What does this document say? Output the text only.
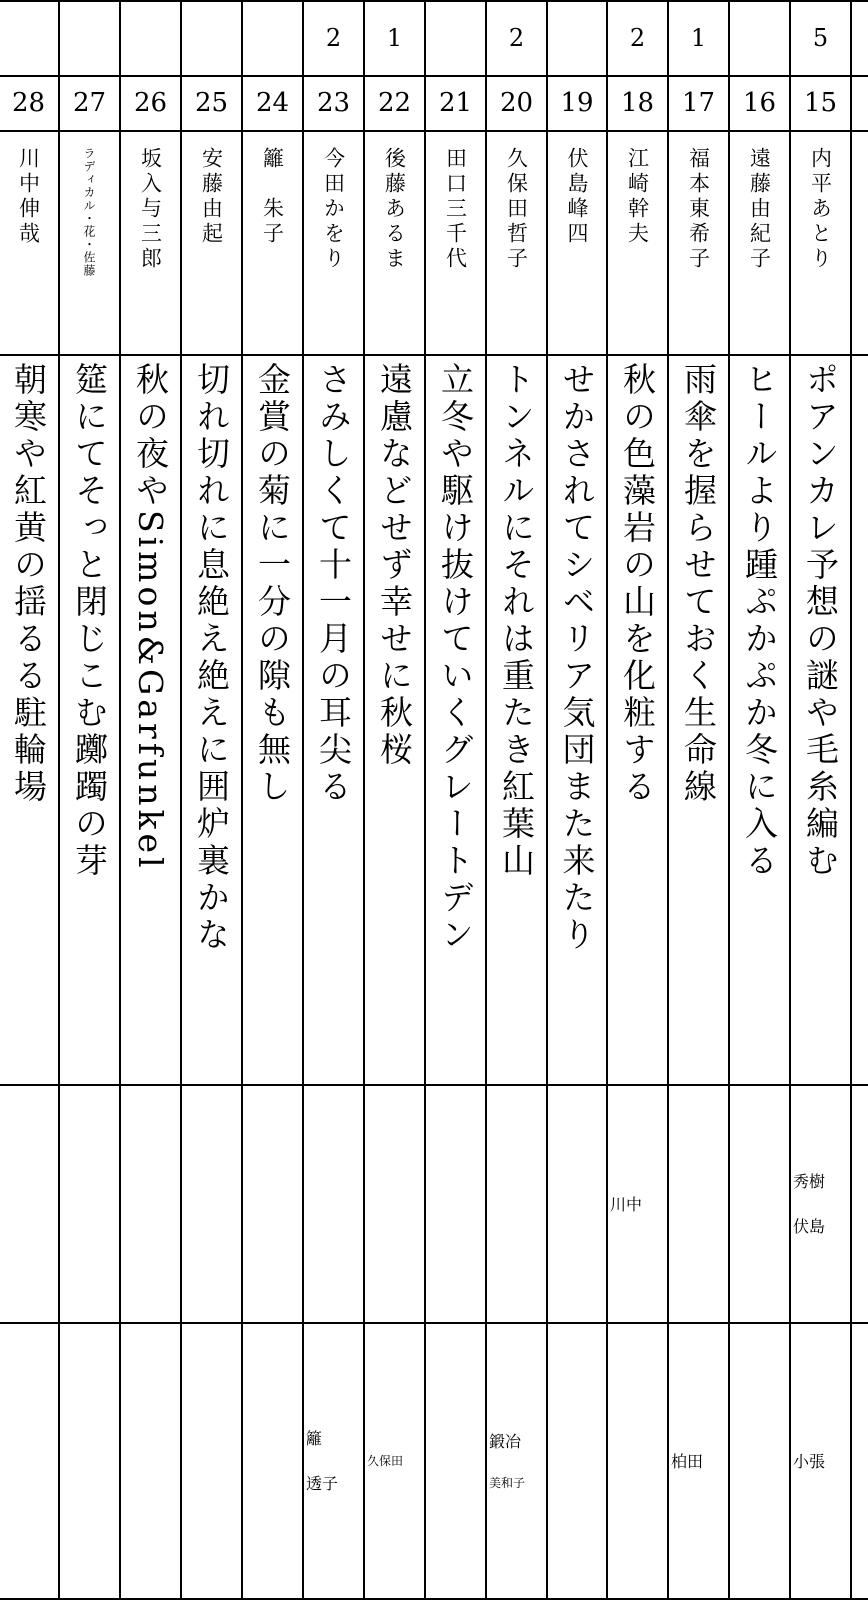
5
15
内平あとり
ポアンカレ予想の謎や毛糸編む
秀樹
伏島
小張
16
遠藤由紀子
ヒールより踵ぷかぷか冬に入る
1
17
福本東希子
雨傘を握らせておく生命線
柏田
2
18
江崎幹夫
秋の色藻岩の山を化粧する
川中
19
伏島峰四
せかされてシベリア気団また来たり
2
20
久保田哲子
トンネルにそれは重たき紅葉山
鍛冶
美和子
21
田口三千代
立冬や駆け抜けていくグレートデン
1
22
後藤あるま
遠慮などせず幸せに秋桜
久保田
2
23
今田かをり
さみしくて十一月の耳尖る
籬
透子
24
籬　朱子
金賞の菊に一分の隙も無し
25
安藤由起
切れ切れに息絶え絶えに囲炉裏かな
26
坂入与三郎
秋の夜やSimon&Garfunkel
27
ラディカル・花・佐藤
筵にてそっと閉じこむ躑躅の芽
28
川中伸哉
朝寒や紅黄の揺るる駐輪場
